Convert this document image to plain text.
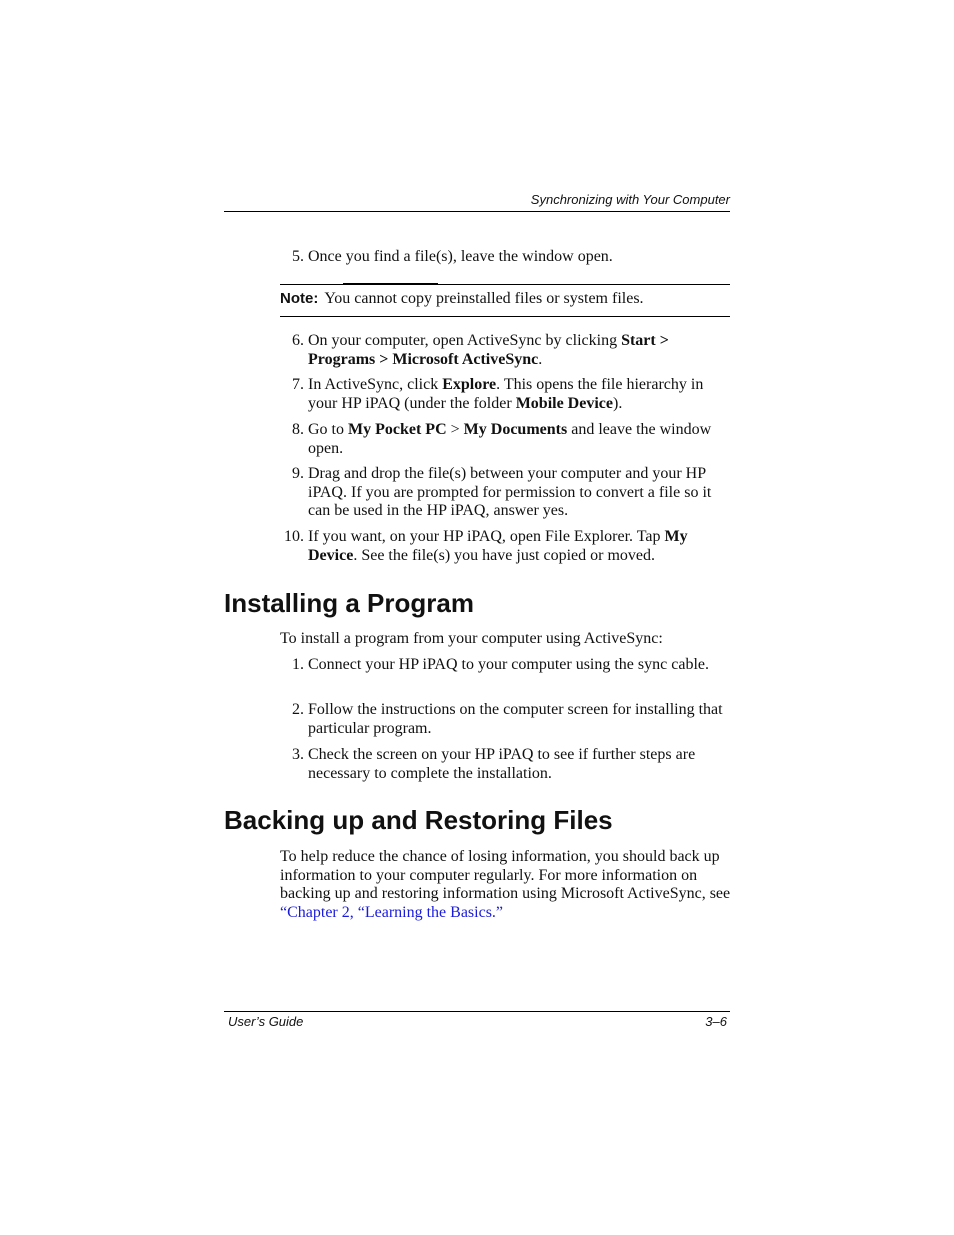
Synchronizing with Your Computer
5. Once you find a file(s), leave the window open.
Note: You cannot copy preinstalled files or system files.
6. On your computer, open ActiveSync by clicking Start > Programs > Microsoft ActiveSync.
7. In ActiveSync, click Explore. This opens the file hierarchy in your HP iPAQ (under the folder Mobile Device).
8. Go to My Pocket PC > My Documents and leave the window open.
9. Drag and drop the file(s) between your computer and your HP iPAQ. If you are prompted for permission to convert a file so it can be used in the HP iPAQ, answer yes.
10. If you want, on your HP iPAQ, open File Explorer. Tap My Device. See the file(s) you have just copied or moved.
Installing a Program
To install a program from your computer using ActiveSync:
1. Connect your HP iPAQ to your computer using the sync cable.
2. Follow the instructions on the computer screen for installing that particular program.
3. Check the screen on your HP iPAQ to see if further steps are necessary to complete the installation.
Backing up and Restoring Files
To help reduce the chance of losing information, you should back up information to your computer regularly. For more information on backing up and restoring information using Microsoft ActiveSync, see “Chapter 2, “Learning the Basics.”
User’s Guide	3–6
